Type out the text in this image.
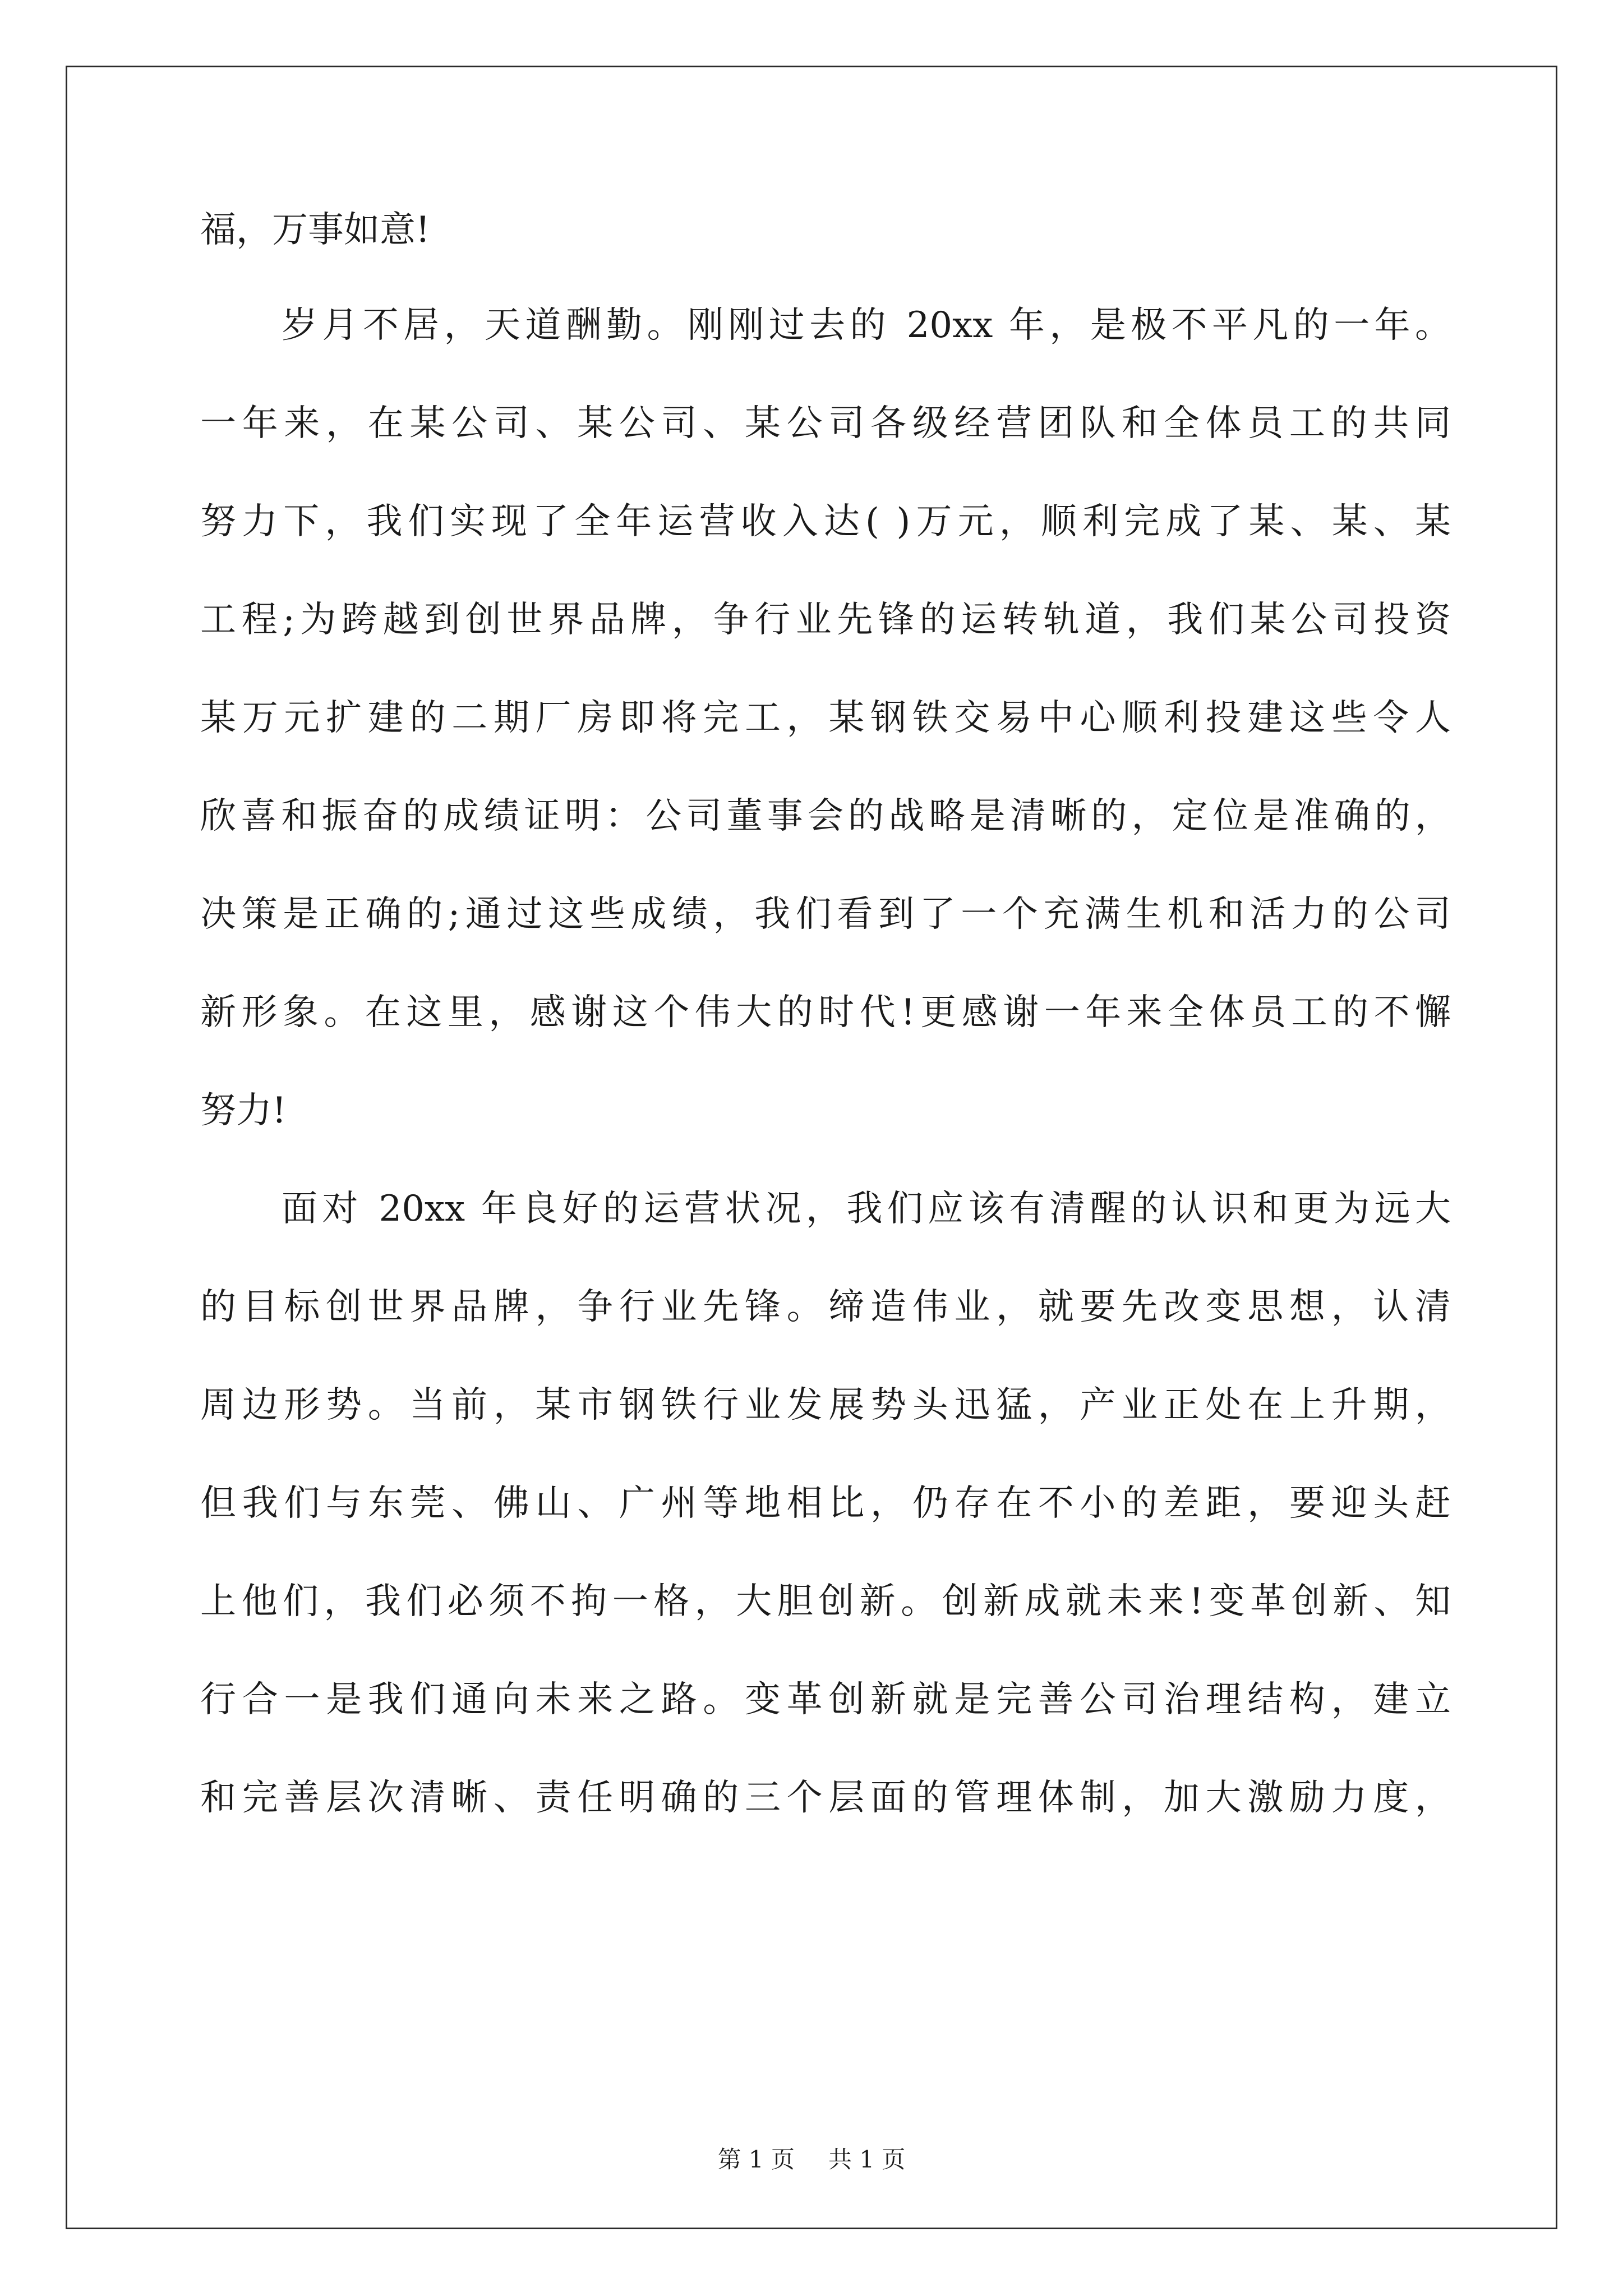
福，万事如意!
岁月不居，天道酬勤。刚刚过去的 20xx 年，是极不平凡的一年。
一年来，在某公司、某公司、某公司各级经营团队和全体员工的共同
努力下，我们实现了全年运营收入达( )万元，顺利完成了某、某、某
工程;为跨越到创世界品牌，争行业先锋的运转轨道，我们某公司投资
某万元扩建的二期厂房即将完工，某钢铁交易中心顺利投建这些令人
欣喜和振奋的成绩证明：公司董事会的战略是清晰的，定位是准确的，
决策是正确的;通过这些成绩，我们看到了一个充满生机和活力的公司
新形象。在这里，感谢这个伟大的时代!更感谢一年来全体员工的不懈
努力!
面对 20xx 年良好的运营状况，我们应该有清醒的认识和更为远大
的目标创世界品牌，争行业先锋。缔造伟业，就要先改变思想，认清
周边形势。当前，某市钢铁行业发展势头迅猛，产业正处在上升期，
但我们与东莞、佛山、广州等地相比，仍存在不小的差距，要迎头赶
上他们，我们必须不拘一格，大胆创新。创新成就未来!变革创新、知
行合一是我们通向未来之路。变革创新就是完善公司治理结构，建立
和完善层次清晰、责任明确的三个层面的管理体制，加大激励力度，
第 1 页 共 1 页
